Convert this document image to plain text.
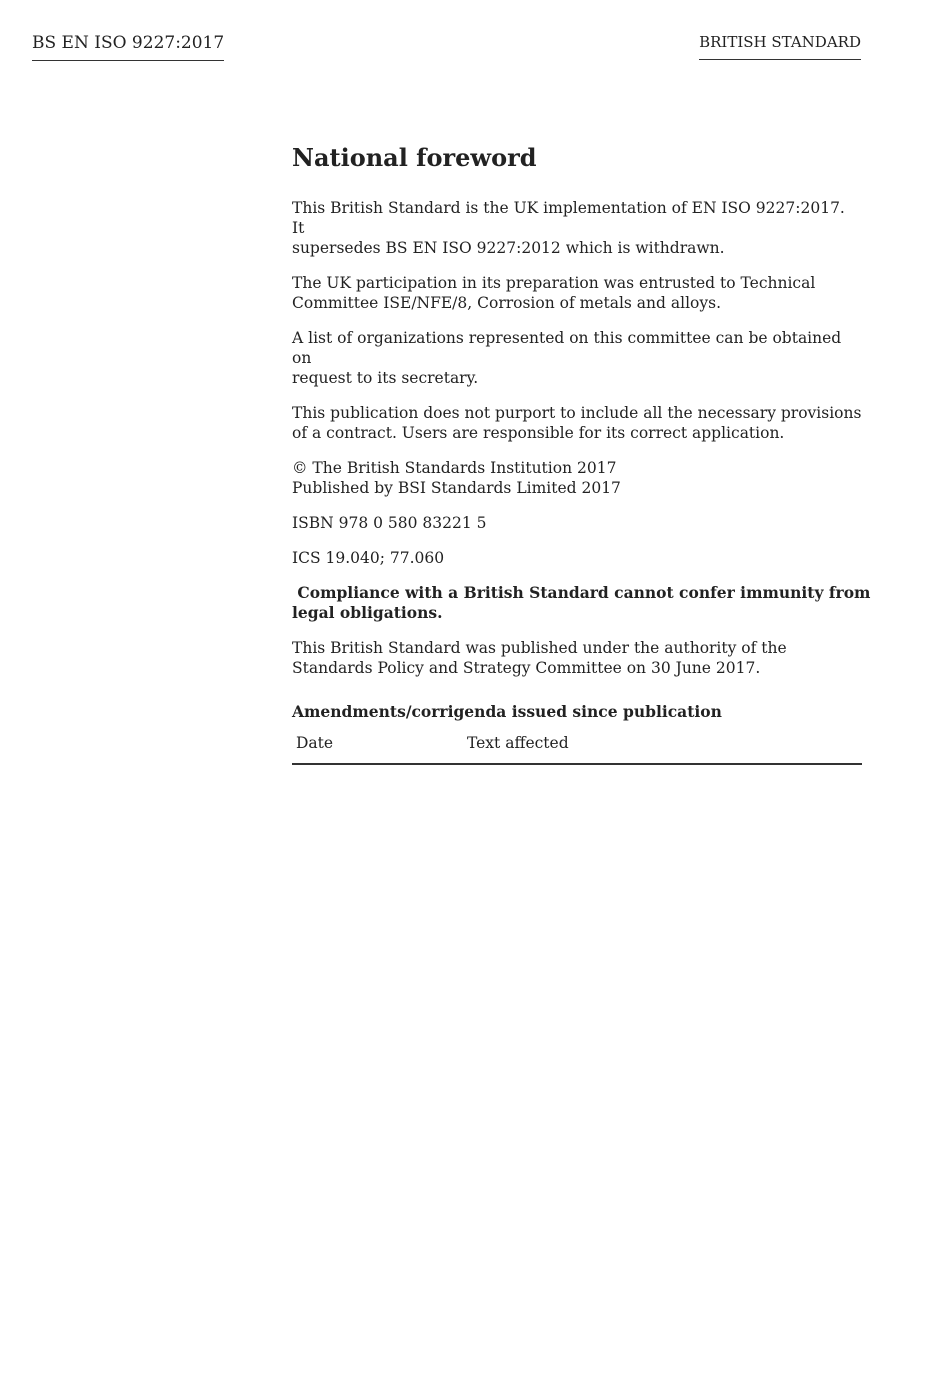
BS EN ISO 9227:2017	BRITISH STANDARD
National foreword
This British Standard is the UK implementation of EN ISO 9227:2017. It
supersedes BS EN ISO 9227:2012 which is withdrawn.
The UK participation in its preparation was entrusted to Technical
Committee ISE/NFE/8, Corrosion of metals and alloys.
A list of organizations represented on this committee can be obtained on
request to its secretary.
This publication does not purport to include all the necessary provisions
of a contract. Users are responsible for its correct application.
© The British Standards Institution 2017
Published by BSI Standards Limited 2017
ISBN 978 0 580 83221 5
ICS 19.040; 77.060
Compliance with a British Standard cannot confer immunity from
legal obligations.
This British Standard was published under the authority of the
Standards Policy and Strategy Committee on 30 June 2017.
Amendments/corrigenda issued since publication
Date	Text affected
